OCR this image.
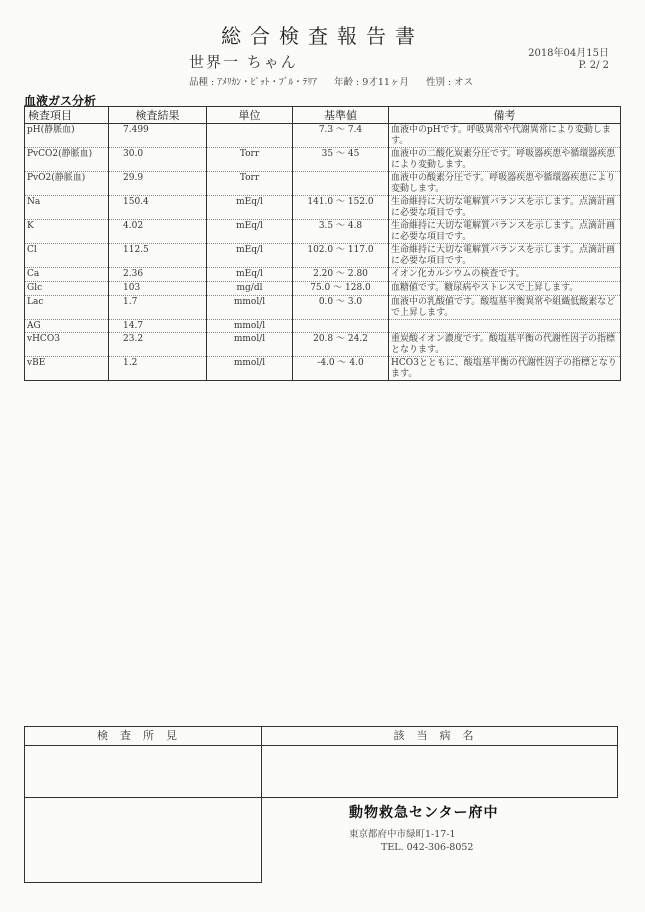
総合検査報告書
2018年04月15日
P. 2/ 2
世界一 ちゃん
品種 : ｱﾒﾘｶﾝ・ﾋﾟｯﾄ・ﾌﾞﾙ・ﾃﾘｱ 年齢 : 9才11ヶ月 性別 : オス
血液ガス分析
検査項目	検査結果	単位	基準値	備考
pH(静脈血)	7.499		7.3 〜 7.4	血液中のpHです。呼吸異常や代謝異常により変動します。
PvCO2(静脈血)	30.0	Torr	35 〜 45	血液中の二酸化炭素分圧です。呼吸器疾患や循環器疾患により変動します。
PvO2(静脈血)	29.9	Torr		血液中の酸素分圧です。呼吸器疾患や循環器疾患により変動します。
Na	150.4	mEq/l	141.0 〜 152.0	生命維持に大切な電解質バランスを示します。点滴計画に必要な項目です。
K	4.02	mEq/l	3.5 〜 4.8	生命維持に大切な電解質バランスを示します。点滴計画に必要な項目です。
Cl	112.5	mEq/l	102.0 〜 117.0	生命維持に大切な電解質バランスを示します。点滴計画に必要な項目です。
Ca	2.36	mEq/l	2.20 〜 2.80	イオン化カルシウムの検査です。
Glc	103	mg/dl	75.0 〜 128.0	血糖値です。糖尿病やストレスで上昇します。
Lac	1.7	mmol/l	0.0 〜 3.0	血液中の乳酸値です。酸塩基平衡異常や組織低酸素などで上昇します。
AG	14.7	mmol/l		
vHCO3	23.2	mmol/l	20.8 〜 24.2	重炭酸イオン濃度です。酸塩基平衡の代謝性因子の指標となります。
vBE	1.2	mmol/l	-4.0 〜 4.0	HCO3とともに、酸塩基平衡の代謝性因子の指標となります。
検査所見	該当病名
動物救急センター府中
東京都府中市緑町1-17-1
TEL. 042-306-8052
